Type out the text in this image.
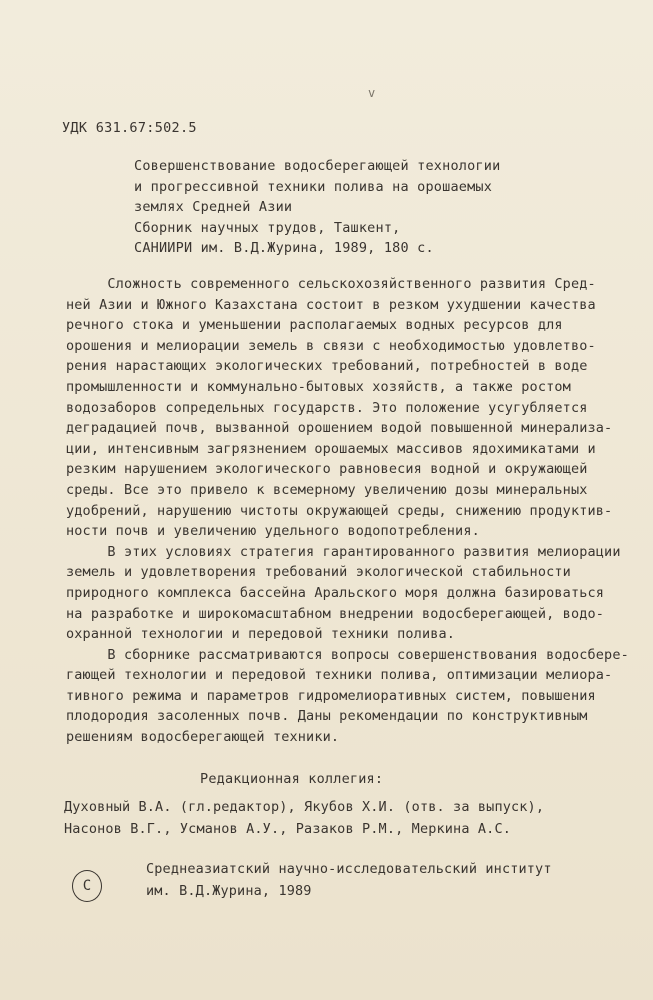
v
УДК 631.67:502.5
Совершенствование водосберегающей технологии
и прогрессивной техники полива на орошаемых
землях Средней Азии
Сборник научных трудов, Ташкент,
САНИИРИ им. В.Д.Журина, 1989, 180 с.
Сложность современного сельскохозяйственного развития Сред-
ней Азии и Южного Казахстана состоит в резком ухудшении качества
речного стока и уменьшении располагаемых водных ресурсов для
орошения и мелиорации земель в связи с необходимостью удовлетво-
рения нарастающих экологических требований, потребностей в воде
промышленности и коммунально-бытовых хозяйств, а также ростом
водозаборов сопредельных государств. Это положение усугубляется
деградацией почв, вызванной орошением водой повышенной минерализа-
ции, интенсивным загрязнением орошаемых массивов ядохимикатами и
резким нарушением экологического равновесия водной и окружающей
среды. Все это привело к всемерному увеличению дозы минеральных
удобрений, нарушению чистоты окружающей среды, снижению продуктив-
ности почв и увеличению удельного водопотребления.
В этих условиях стратегия гарантированного развития мелиорации
земель и удовлетворения требований экологической стабильности
природного комплекса бассейна Аральского моря должна базироваться
на разработке и широкомасштабном внедрении водосберегающей, водо-
охранной технологии и передовой техники полива.
В сборнике рассматриваются вопросы совершенствования водосбере-
гающей технологии и передовой техники полива, оптимизации мелиора-
тивного режима и параметров гидромелиоративных систем, повышения
плодородия засоленных почв. Даны рекомендации по конструктивным
решениям водосберегающей техники.
Редакционная коллегия:
Духовный В.А. (гл.редактор), Якубов Х.И. (отв. за выпуск),
Насонов В.Г., Усманов А.У., Разаков Р.М., Меркина А.С.
С
Среднеазиатский научно-исследовательский институт
им. В.Д.Журина, 1989
